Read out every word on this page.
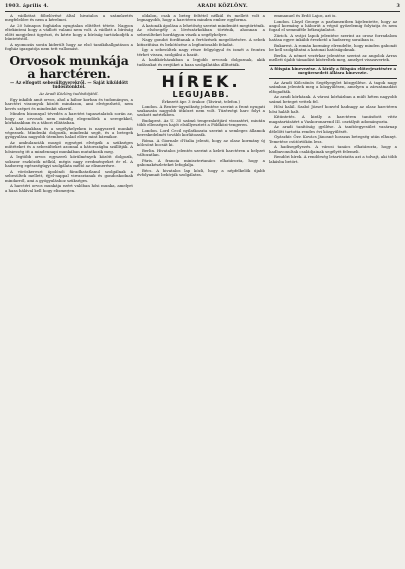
1903. április 4.	ARADI KÖZLÖNY.	3

A vádlottat főbelövésé által hivatalos a száműzetés megfelelőre és nem a kérelmei.

Az 20 hónapos fogházba nyugtalan elítéltet tétete. Nagyon eltekinteni hogy a vádlott valami nem volt. A vádlott a bíróság előtt megjelent ügyészt, és kérte hogy a bíróság tartózkodjék a büntetéstől.

A nyomozás során kiderült hogy az első tanúkihallgatáson a fogház igazgatója nem tett vallomást.

Orvosok munkája a harctéren.
— Az elfogott sebesültgyerekről. — Saját kiküldött tudósítónktól.
Az Aradi Közlöny tudósítójától.

Egy inkább amit orvos, ahol a hábor korban és tudományos, a harctéri viszonyok között mindazon, ami elvégezhető, nem kevés szépet és mindenkit sikerül.

Minden bizonnyal tévedés a harctéri tapasztalatok során az, hogy az orvosok nem mindig elegendőek a seregekkel, kórházakban és a tábori ellátásban.

A kórházakban és a segélyhelyeken is nagyszerű munkát végeznek. Mindenki dolgozik, mindenki segít, és a betegek gyógyulása nagyobb ütemben halad előre mint bármikor.

Az ambulanciák mozgó egységei elvégzik a szükséges műtéteket és a sebesülteket azonnal a hátországba szállítják. A hősiesség itt a mindennapi munkában mutatkozik meg.

A legtöbb orvos egyszerű körülmények között dolgozik, sokszor eszközök nélkül, mégis nagy eredményeket ér el. A hadsereg egészségügyi szolgálata méltó az elismerésre.

A vöröskereszt ápolónői fáradhatatlanul szolgálnak a sebesültek mellett, éjjel-nappal virrasztanak és gondoskodnak mindarról, ami a gyógyuláshoz szükséges.

A harctéri orvos munkája ezért valóban hősi munka, amelyet a haza hálával kell hogy elismerjen.

oldalon, csak a beteg feltétel nélkül és mellett volt a legnagyobb, hogy a harctéren minden ember egyforma.

A katonák ápolása a lehetőség szerint mindenütt megtörténik. Az elsősegély a lövészárkokban történik, ahonnan a sebesülteket hordágyon viszik a segélyhelyre.

Nagy gondot fordítanak a fertőzések megelőzésére. A sebek kitisztítása és bekötözése a legfontosabb feladat.

Így a sebesültek nagy része felgyógyul és ismét a frontra térhet vissza, szolgálni a hazát.

A hadikórházakban a legjobb orvosok dolgoznak, akik tudásukat és erejüket a haza szolgálatába állították.

HÍREK.
LEGUJABB.
Érkezett ápr. 3 órakor. (Távirat, telefon.)

London. A Reuter-ügynökség jelentése szerint a front nyugati szakaszán nagyobb ütközet nem volt. Tüzérségi harc folyt a szokott mértékben.

Budapest. Az U. 35 számú tengeralattjáró visszatért, miután több ellenséges hajót elsüllyesztett a Földközi-tengeren.

London. Lord Cecil nyilatkozata szerint a semleges államok kereskedelmét tovább korlátozzák.

Róma. A Giornale d'Italia jelenti, hogy az olasz kormány új kölcsönt bocsát ki.

Berlin. Hivatalos jelentés szerint a keleti harctéren a helyzet változatlan.

Páris. A francia minisztertanács elhatározta, hogy a gabonakészleteket lefoglalja.

Bécs. A hivatalos lap közli, hogy a népfelkelők újabb évfolyamait behívják szolgálatra.

emmanuel és Erdő Lajos, azt is.

London. Lloyd George a parlamentben kijelentette, hogy az angol kormány a háborút a végső győzelemig folytatja és nem fogad el semmiféle békeajánlatot.

Zürich. A svájci lapok jelentése szerint az orosz forradalom hatása egyre inkább érezhető a hadsereg soraiban is.

Bukarest. A román kormány elrendelte, hogy minden gabonát be kell szolgáltatni a katonai hatóságoknak.

Berlin. A német vezérkar jelentése szerint az angolok Arras mellett újabb támadást kíséreltek meg, amelyet visszavertek.

A főispán kinevezése. A király a főispán előterjesztésére a megüresedett állásra kinevezte.

Az Aradi Kölcsönös Segélyegylet közgyűlése. A tagok nagy számban jelentek meg a közgyűlésen, amelyen a zárszámadást elfogadták.

Az aradi kórházak. A városi kórházban a múlt héten nagyobb számú beteget vettek fel.

Hősi halál. Szabó József honvéd hadnagy az olasz harctéren hősi halált halt.

Kitüntetés. A király a harctéren tanúsított vitéz magatartásáért a Vaskoronarend III. osztályát adományozta.

Az aradi tanítóság gyűlése. A tanítóegyesület vasárnap délelőtt tartotta rendes évi közgyűlését.

Gyászhír. Özv. Kovács Jánosné hosszas betegség után elhunyt. Temetése csütörtökön lesz.

A hadisegélyezés. A városi tanács elhatározta, hogy a hadbavonultak családjainak segélyét felemeli.

Rendőri hírek. A rendőrség letartóztatta azt a tolvajt, aki több lakásba betört.
